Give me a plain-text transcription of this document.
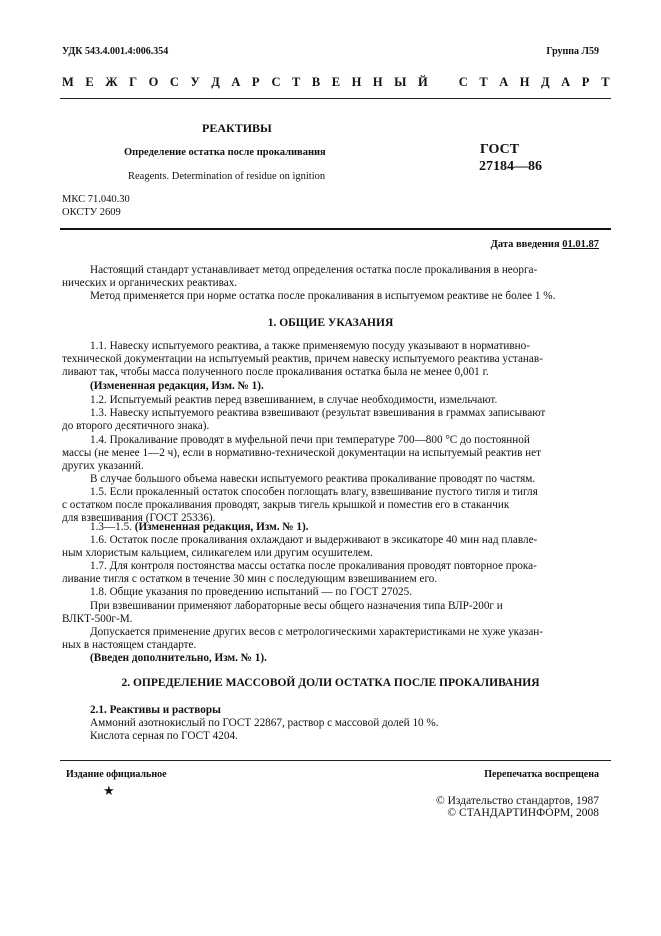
УДК 543.4.001.4:006.354	Группа Л59
М Е Ж Г О С У Д А Р С Т В Е Н Н Ы Й С Т А Н Д А Р Т
РЕАКТИВЫ
Определение остатка после прокаливания
Reagents. Determination of residue on ignition
ГОСТ
27184—86
МКС 71.040.30
ОКСТУ 2609
Дата введения 01.01.87
Настоящий стандарт устанавливает метод определения остатка после прокаливания в неорга-
нических и органических реактивах.
Метод применяется при норме остатка после прокаливания в испытуемом реактиве не более 1 %.
1. ОБЩИЕ УКАЗАНИЯ
1.1. Навеску испытуемого реактива, а также применяемую посуду указывают в нормативно-
технической документации на испытуемый реактив, причем навеску испытуемого реактива устанав-
ливают так, чтобы масса полученного после прокаливания остатка была не менее 0,001 г.
(Измененная редакция, Изм. № 1).
1.2. Испытуемый реактив перед взвешиванием, в случае необходимости, измельчают.
1.3. Навеску испытуемого реактива взвешивают (результат взвешивания в граммах записывают
до второго десятичного знака).
1.4. Прокаливание проводят в муфельной печи при температуре 700—800 °С до постоянной
массы (не менее 1—2 ч), если в нормативно-технической документации на испытуемый реактив нет
других указаний.
В случае большого объема навески испытуемого реактива прокаливание проводят по частям.
1.5. Если прокаленный остаток способен поглощать влагу, взвешивание пустого тигля и тигля
с остатком после прокаливания проводят, закрыв тигель крышкой и поместив его в стаканчик
для взвешивания (ГОСТ 25336).
1.3—1.5. (Измененная редакция, Изм. № 1).
1.6. Остаток после прокаливания охлаждают и выдерживают в эксикаторе 40 мин над плавле-
ным хлористым кальцием, силикагелем или другим осушителем.
1.7. Для контроля постоянства массы остатка после прокаливания проводят повторное прока-
ливание тигля с остатком в течение 30 мин с последующим взвешиванием его.
1.8. Общие указания по проведению испытаний — по ГОСТ 27025.
При взвешивании применяют лабораторные весы общего назначения типа ВЛР-200г и
ВЛКТ-500г-М.
Допускается применение других весов с метрологическими характеристиками не хуже указан-
ных в настоящем стандарте.
(Введен дополнительно, Изм. № 1).
2. ОПРЕДЕЛЕНИЕ МАССОВОЙ ДОЛИ ОСТАТКА ПОСЛЕ ПРОКАЛИВАНИЯ
2.1. Реактивы и растворы
Аммоний азотнокислый по ГОСТ 22867, раствор с массовой долей 10 %.
Кислота серная по ГОСТ 4204.
Издание официальное	Перепечатка воспрещена
★
© Издательство стандартов, 1987
© СТАНДАРТИНФОРМ, 2008
